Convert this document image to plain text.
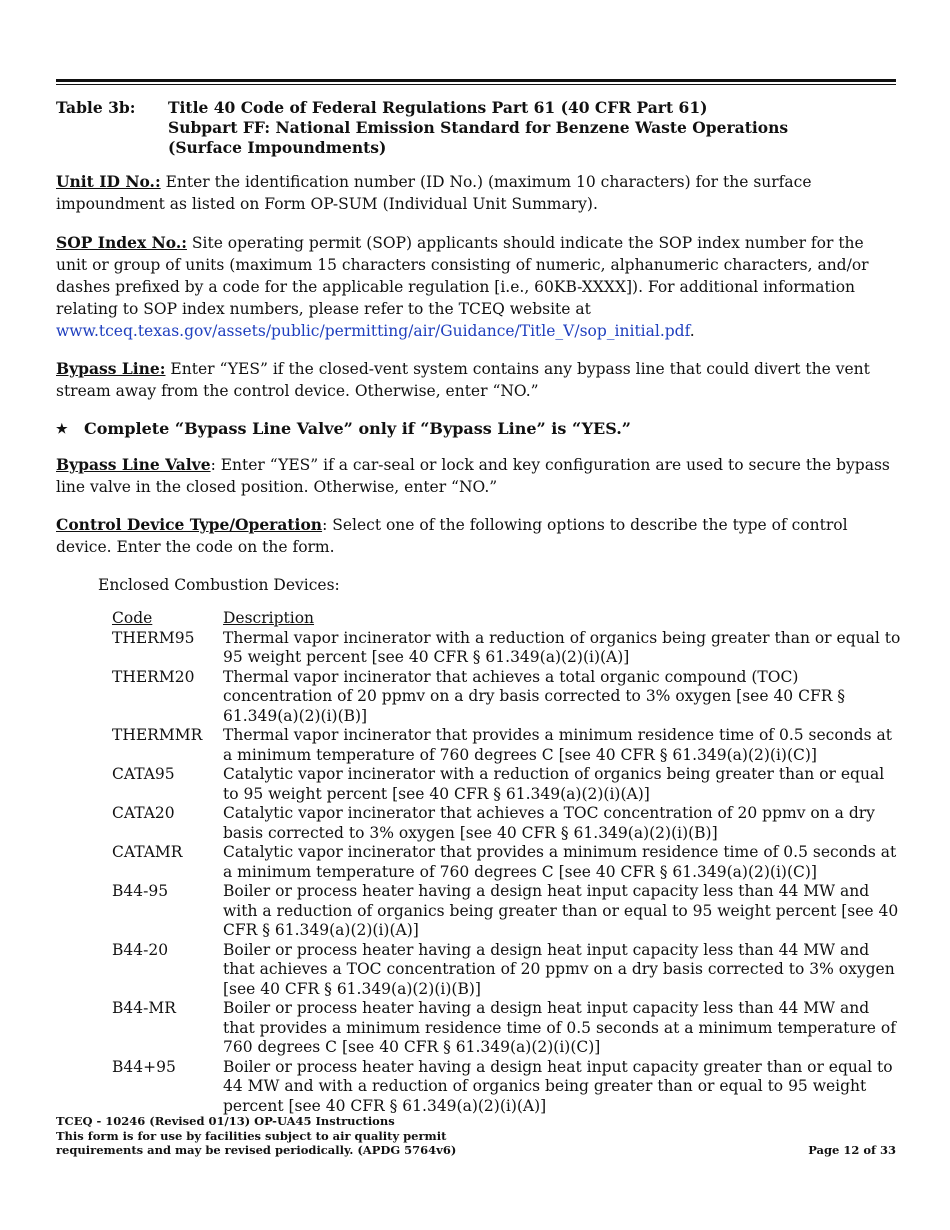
Table 3b: Title 40 Code of Federal Regulations Part 61 (40 CFR Part 61)
Subpart FF: National Emission Standard for Benzene Waste Operations
(Surface Impoundments)
Unit ID No.: Enter the identification number (ID No.) (maximum 10 characters) for the surface impoundment as listed on Form OP-SUM (Individual Unit Summary).
SOP Index No.: Site operating permit (SOP) applicants should indicate the SOP index number for the unit or group of units (maximum 15 characters consisting of numeric, alphanumeric characters, and/or dashes prefixed by a code for the applicable regulation [i.e., 60KB-XXXX]). For additional information relating to SOP index numbers, please refer to the TCEQ website at www.tceq.texas.gov/assets/public/permitting/air/Guidance/Title_V/sop_initial.pdf.
Bypass Line: Enter “YES” if the closed-vent system contains any bypass line that could divert the vent stream away from the control device. Otherwise, enter “NO.”
★ Complete “Bypass Line Valve” only if “Bypass Line” is “YES.”
Bypass Line Valve: Enter “YES” if a car-seal or lock and key configuration are used to secure the bypass line valve in the closed position. Otherwise, enter “NO.”
Control Device Type/Operation: Select one of the following options to describe the type of control device. Enter the code on the form.
Enclosed Combustion Devices:
Code	Description
THERM95	Thermal vapor incinerator with a reduction of organics being greater than or equal to 95 weight percent [see 40 CFR § 61.349(a)(2)(i)(A)]
THERM20	Thermal vapor incinerator that achieves a total organic compound (TOC) concentration of 20 ppmv on a dry basis corrected to 3% oxygen [see 40 CFR § 61.349(a)(2)(i)(B)]
THERMMR	Thermal vapor incinerator that provides a minimum residence time of 0.5 seconds at a minimum temperature of 760 degrees C [see 40 CFR § 61.349(a)(2)(i)(C)]
CATA95	Catalytic vapor incinerator with a reduction of organics being greater than or equal to 95 weight percent [see 40 CFR § 61.349(a)(2)(i)(A)]
CATA20	Catalytic vapor incinerator that achieves a TOC concentration of 20 ppmv on a dry basis corrected to 3% oxygen [see 40 CFR § 61.349(a)(2)(i)(B)]
CATAMR	Catalytic vapor incinerator that provides a minimum residence time of 0.5 seconds at a minimum temperature of 760 degrees C [see 40 CFR § 61.349(a)(2)(i)(C)]
B44-95	Boiler or process heater having a design heat input capacity less than 44 MW and with a reduction of organics being greater than or equal to 95 weight percent [see 40 CFR § 61.349(a)(2)(i)(A)]
B44-20	Boiler or process heater having a design heat input capacity less than 44 MW and that achieves a TOC concentration of 20 ppmv on a dry basis corrected to 3% oxygen [see 40 CFR § 61.349(a)(2)(i)(B)]
B44-MR	Boiler or process heater having a design heat input capacity less than 44 MW and that provides a minimum residence time of 0.5 seconds at a minimum temperature of 760 degrees C [see 40 CFR § 61.349(a)(2)(i)(C)]
B44+95	Boiler or process heater having a design heat input capacity greater than or equal to 44 MW and with a reduction of organics being greater than or equal to 95 weight percent [see 40 CFR § 61.349(a)(2)(i)(A)]
TCEQ - 10246 (Revised 01/13) OP-UA45 Instructions
This form is for use by facilities subject to air quality permit
requirements and may be revised periodically. (APDG 5764v6)	Page 12 of 33
